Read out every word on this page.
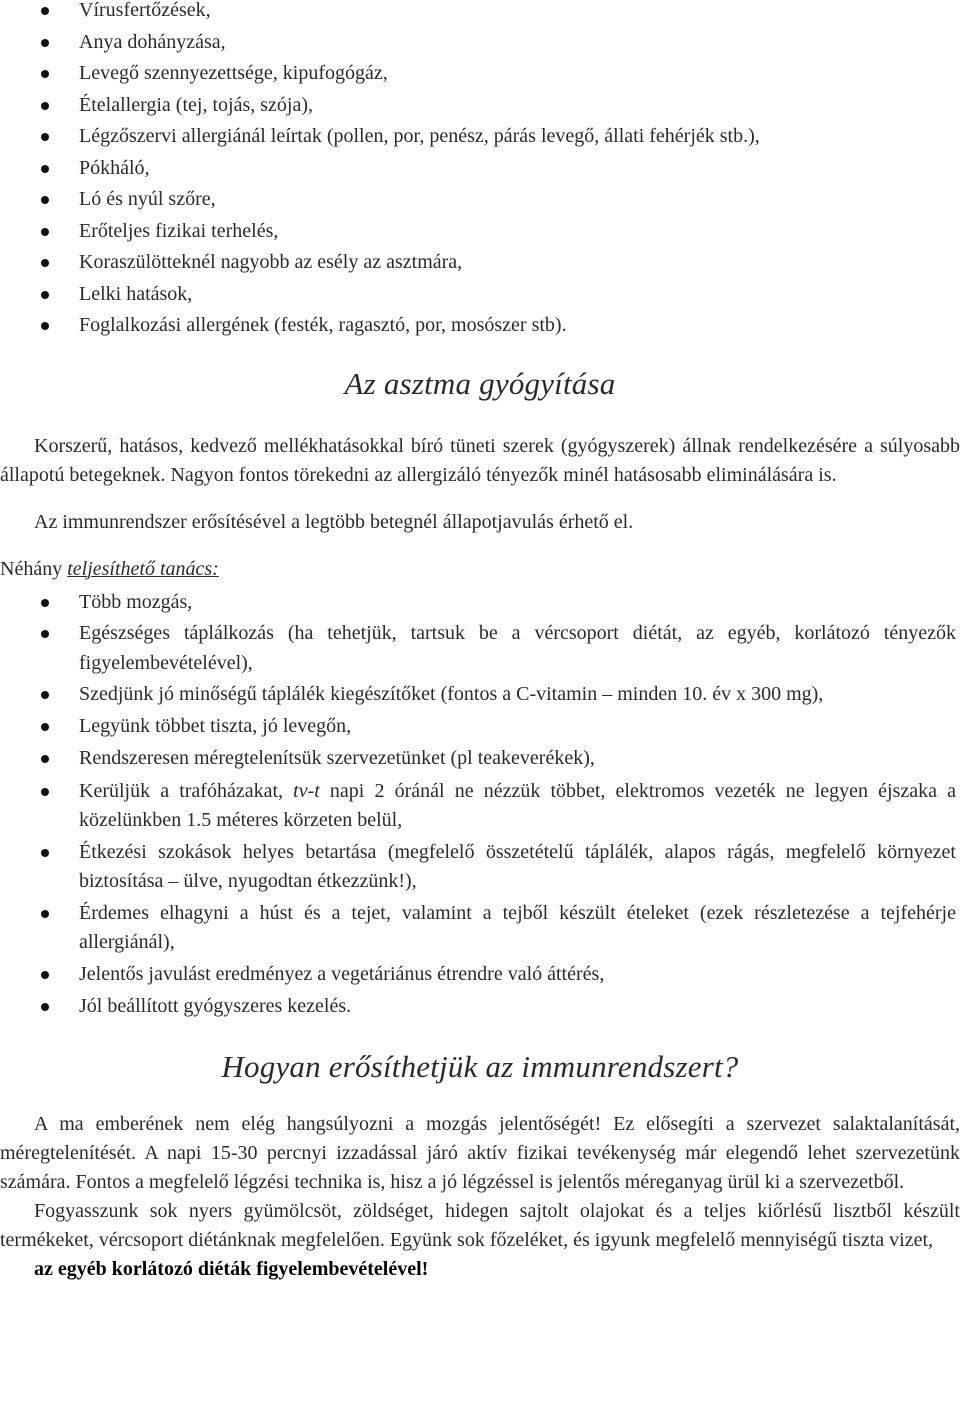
Vírusfertőzések,
Anya dohányzása,
Levegő szennyezettsége, kipufogógáz,
Ételallergia (tej, tojás, szója),
Légzőszervi allergiánál leírtak (pollen, por, penész, párás levegő, állati fehérjék stb.),
Pókháló,
Ló és nyúl szőre,
Erőteljes fizikai terhelés,
Koraszülötteknél nagyobb az esély az asztmára,
Lelki hatások,
Foglalkozási allergének (festék, ragasztó, por, mosószer stb).
Az asztma gyógyítása

Korszerű, hatásos, kedvező mellékhatásokkal bíró tüneti szerek (gyógyszerek) állnak rendelkezésére a súlyosabb állapotú betegeknek. Nagyon fontos törekedni az allergizáló tényezők minél hatásosabb eliminálására is.

Az immunrendszer erősítésével a legtöbb betegnél állapotjavulás érhető el.

Néhány teljesíthető tanács:

Több mozgás,
Egészséges táplálkozás (ha tehetjük, tartsuk be a vércsoport diétát, az egyéb, korlátozó tényezők figyelembevételével),
Szedjünk jó minőségű táplálék kiegészítőket (fontos a C-vitamin – minden 10. év x 300 mg),
Legyünk többet tiszta, jó levegőn,
Rendszeresen méregtelenítsük szervezetünket (pl teakeverékek),
Kerüljük a trafóházakat, tv-t napi 2 óránál ne nézzük többet, elektromos vezeték ne legyen éjszaka a közelünkben 1.5 méteres körzeten belül,
Étkezési szokások helyes betartása (megfelelő összetételű táplálék, alapos rágás, megfelelő környezet biztosítása – ülve, nyugodtan étkezzünk!),
Érdemes elhagyni a húst és a tejet, valamint a tejből készült ételeket (ezek részletezése a tejfehérje allergiánál),
Jelentős javulást eredményez a vegetáriánus étrendre való áttérés,
Jól beállított gyógyszeres kezelés.
Hogyan erősíthetjük az immunrendszert?

A ma emberének nem elég hangsúlyozni a mozgás jelentőségét! Ez elősegíti a szervezet salaktalanítását, méregtelenítését. A napi 15-30 percnyi izzadással járó aktív fizikai tevékenység már elegendő lehet szervezetünk számára. Fontos a megfelelő légzési technika is, hisz a jó légzéssel is jelentős méreganyag ürül ki a szervezetből.

Fogyasszunk sok nyers gyümölcsöt, zöldséget, hidegen sajtolt olajokat és a teljes kiőrlésű lisztből készült termékeket, vércsoport diétánknak megfelelően. Együnk sok főzeléket, és igyunk megfelelő mennyiségű tiszta vizet,

az egyéb korlátozó diéták figyelembevételével!
